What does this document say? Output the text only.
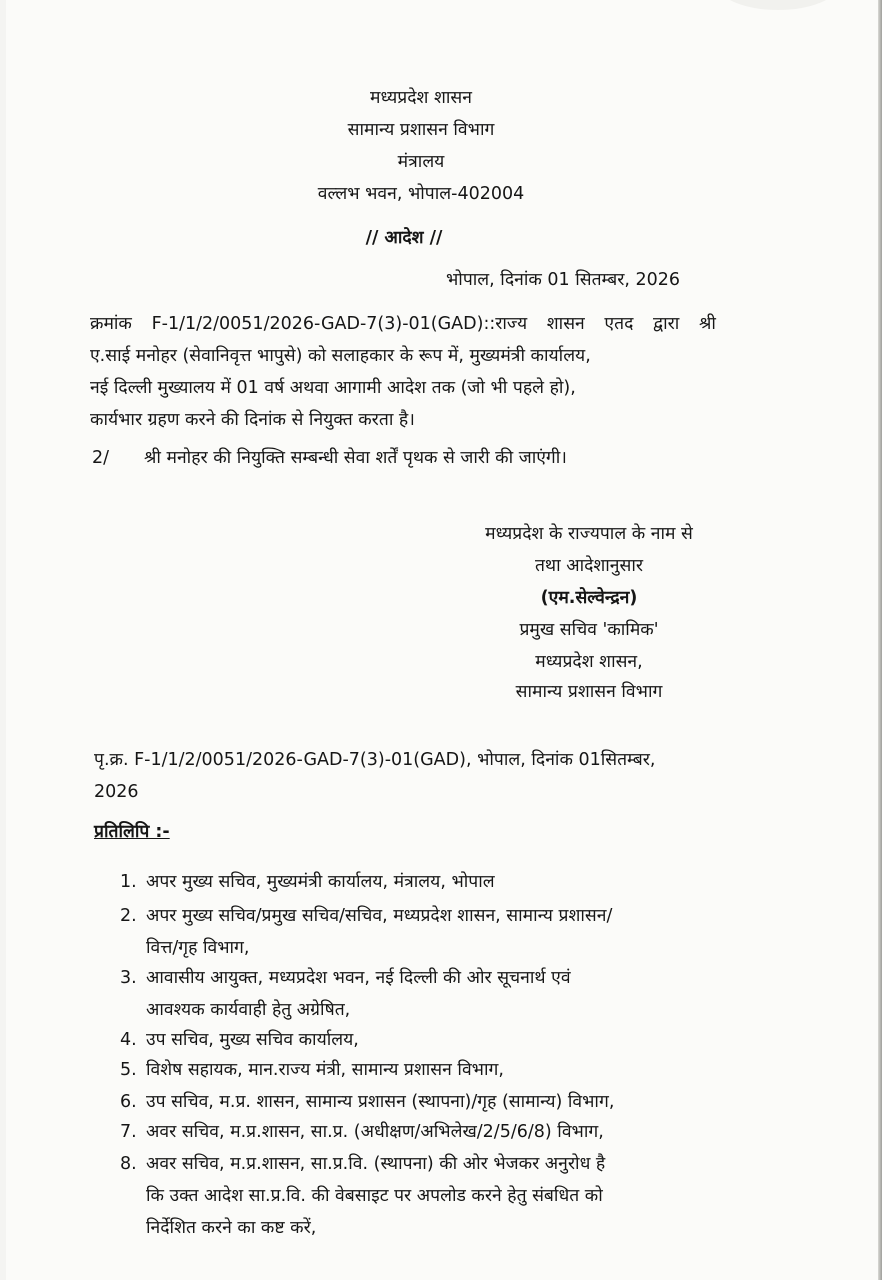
मध्यप्रदेश शासन
सामान्य प्रशासन विभाग
मंत्रालय
वल्लभ भवन, भोपाल-402004
// आदेश //
भोपाल, दिनांक 01 सितम्बर, 2026
क्रमांक F-1/1/2/0051/2026-GAD-7(3)-01(GAD)::राज्य शासन एतद द्वारा श्री
ए.साई मनोहर (सेवानिवृत्त भापुसे) को सलाहकार के रूप में, मुख्यमंत्री कार्यालय,
नई दिल्ली मुख्यालय में 01 वर्ष अथवा आगामी आदेश तक (जो भी पहले हो),
कार्यभार ग्रहण करने की दिनांक से नियुक्त करता है।
2/ श्री मनोहर की नियुक्ति सम्बन्धी सेवा शर्तें पृथक से जारी की जाएंगी।
मध्यप्रदेश के राज्यपाल के नाम से
तथा आदेशानुसार
(एम.सेल्वेन्द्रन)
प्रमुख सचिव 'कामिक'
मध्यप्रदेश शासन,
सामान्य प्रशासन विभाग
पृ.क्र. F-1/1/2/0051/2026-GAD-7(3)-01(GAD), भोपाल, दिनांक 01सितम्बर,
2026
प्रतिलिपि :-
1. अपर मुख्य सचिव, मुख्यमंत्री कार्यालय, मंत्रालय, भोपाल
2. अपर मुख्य सचिव/प्रमुख सचिव/सचिव, मध्यप्रदेश शासन, सामान्य प्रशासन/
वित्त/गृह विभाग,
3. आवासीय आयुक्त, मध्यप्रदेश भवन, नई दिल्ली की ओर सूचनार्थ एवं
आवश्यक कार्यवाही हेतु अग्रेषित,
4. उप सचिव, मुख्य सचिव कार्यालय,
5. विशेष सहायक, मान.राज्य मंत्री, सामान्य प्रशासन विभाग,
6. उप सचिव, म.प्र. शासन, सामान्य प्रशासन (स्थापना)/गृह (सामान्य) विभाग,
7. अवर सचिव, म.प्र.शासन, सा.प्र. (अधीक्षण/अभिलेख/2/5/6/8) विभाग,
8. अवर सचिव, म.प्र.शासन, सा.प्र.वि. (स्थापना) की ओर भेजकर अनुरोध है
कि उक्त आदेश सा.प्र.वि. की वेबसाइट पर अपलोड करने हेतु संबधित को
निर्देशित करने का कष्ट करें,
